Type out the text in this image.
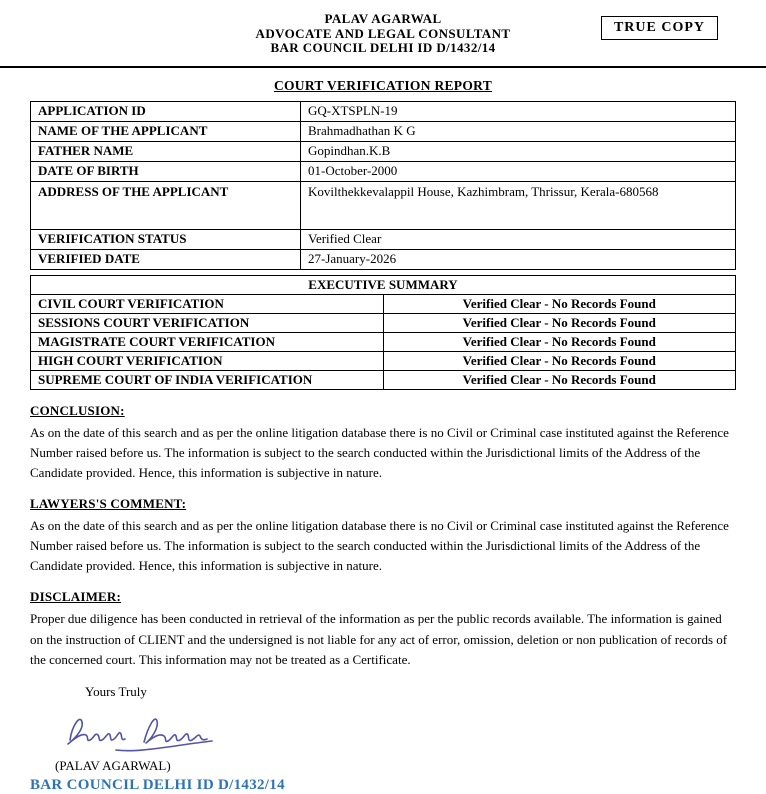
TRUE COPY
PALAV AGARWAL
ADVOCATE AND LEGAL CONSULTANT
BAR COUNCIL DELHI ID D/1432/14
COURT VERIFICATION REPORT
APPLICATION ID	GQ-XTSPLN-19
NAME OF THE APPLICANT	Brahmadhathan K G
FATHER NAME	Gopindhan.K.B
DATE OF BIRTH	01-October-2000
ADDRESS OF THE APPLICANT	Kovilthekkevalappil House, Kazhimbram, Thrissur, Kerala-680568
VERIFICATION STATUS	Verified Clear
VERIFIED DATE	27-January-2026
EXECUTIVE SUMMARY	
CIVIL COURT VERIFICATION	Verified Clear - No Records Found
SESSIONS COURT VERIFICATION	Verified Clear - No Records Found
MAGISTRATE COURT VERIFICATION	Verified Clear - No Records Found
HIGH COURT VERIFICATION	Verified Clear - No Records Found
SUPREME COURT OF INDIA VERIFICATION	Verified Clear - No Records Found
CONCLUSION:

As on the date of this search and as per the online litigation database there is no Civil or Criminal case instituted against the Reference Number raised before us. The information is subject to the search conducted within the Jurisdictional limits of the Address of the Candidate provided. Hence, this information is subjective in nature.

LAWYERS'S COMMENT:

As on the date of this search and as per the online litigation database there is no Civil or Criminal case instituted against the Reference Number raised before us. The information is subject to the search conducted within the Jurisdictional limits of the Address of the Candidate provided. Hence, this information is subjective in nature.

DISCLAIMER:

Proper due diligence has been conducted in retrieval of the information as per the public records available. The information is gained on the instruction of CLIENT and the undersigned is not liable for any act of error, omission, deletion or non publication of records of the concerned court. This information may not be treated as a Certificate.

Yours Truly
(PALAV AGARWAL)
BAR COUNCIL DELHI ID D/1432/14
